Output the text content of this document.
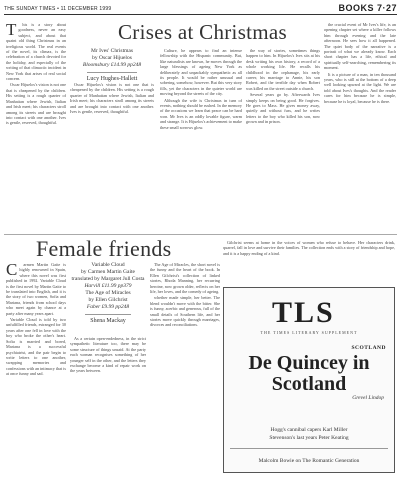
THE SUNDAY TIMES • 11 DECEMBER 1999	BOOKS 7·27
Crises at Christmas
T	his is a story about goodness, never an easy subject, and about that quaint old thing Christmas in an irreligious world. The real events of the novel, its climax, is the celebration of a church devoted for the holiday, and especially of the writing of that climactic incident in New York that arises of real social concern.

Oscar Hijuelos's vision is not one that is cheapened by the children. His setting is a rough quarter of Manhattan where Jewish, Italian and Irish meet; his characters stroll among its streets and are brought into contact with one another. Ives is gentle, reserved, thoughtful.

Mr Ives' Christmas
by Oscar Hijuelos
Bloomsbury £14.99 pp248
Lucy Hughes-Hallett

Oscar Hijuelos's vision is not one that is cheapened by the children. His setting is a rough quarter of Manhattan where Jewish, Italian and Irish meet; his characters stroll among its streets and are brought into contact with one another. Ives is gentle, reserved, thoughtful.

Culture, he appears to find an intense fellowship with the Hispanic community. But, like naturalists are known, he moves through the large blessings of ageing New York as deliberately and unpackably sympathetic as all its people. It would be rather unusual and sobering, somehow, however. But this very story fills, yet the characters in the quieter world are moving beyond the streets of the city.

Although the wife is Christmas in turn of events, nothing should be rushed. In the memory of the occasions we learn that peace can be hard won. Mr Ives is an oddly lovable figure, warm and strange. It is Hijuelos's achievement to make these small sorrows glow.

the way of stories, sometimes things happen to him. In Hijuelos's Ives sits at his desk writing his own history, a record of a whole working life. He recalls his childhood in the orphanage, his early career, his marriage to Annie, his son Robert, and the terrible day when Robert was killed on the street outside a church.

Several years go by. Afterwards Ives simply keeps on being good. He forgives. He goes to Mass. He gives money away, quietly and without fuss, and he writes letters to the boy who killed his son, now grown and in prison.

the crucial event of Mr Ives's life, is an opening chapter set where a killer follows him through evening and the late afternoon. He sees how it all happened. The quiet body of the narrative is a portrait of what we already know. Each short chapter has a life, ethical and spiritually self-searching, remembering its moment.

It is a picture of a man, in ten thousand years, who is still at the bottom of a deep well looking upward at the light. We are told about Ives's thoughts. And the reader cares for him because he is simple, because he is loyal, because he is there.

Female friends
C	armen Martin Gaite is highly renowned in Spain, where this novel was first published in 1992. Variable Cloud is the first novel by Martin Gaite to be translated into English, and it is the story of two women, Sofia and Mariana, friends from school days who meet again by chance at a party after many years apart.

Variable Cloud is told by two unfulfilled friends, estranged for 30 years after one fell in love with the boy who broke the other's heart. Sofia is married and bored, Mariana is a successful psychiatrist, and the pair begin to write letters to one another, swapping memories and confessions with an intimacy that is at once funny and sad.

Variable Cloud
by Carmen Martin Gaite
translated by Margaret Jull Costa
Harvill £11.99 pp379
The Age of Miracles
by Ellen Gilchrist
Faber £9.99 pp248
Shena Mackay

As a certain open-endedness, in the strict sympathetic literature too, there may be some structure of things unsaid. At the party each woman recognises something of her younger self in the other, and the letters they exchange become a kind of repair work on the years between.

The Age of Miracles, the short novel is the funny and the heart of the book. In Ellen Gilchrist's collection of linked stories, Rhoda Manning, her recurring heroine, now grown older, reflects on her life, her loves, and the comedy of ageing.

whether made simple, her better. The blend wouldn't move with the bitter. She is funny, acerbic and generous, full of the small details of Southern life, and her stories move quickly through marriages, divorces and reconciliations.

Gilchrist seems at home in the voices of women who refuse to behave. Her characters drink, quarrel, fall in love and survive their families. The collection ends with a story of friendship and hope, and it is a happy ending of a kind.

TLS
THE TIMES LITERARY SUPPLEMENT
SCOTLAND
De Quincey in
Scotland
Grevel Lindop
Hogg's cannibal capers Karl Miller
Stevenson's last years Peter Keating
Malcolm Bowie on The Romantic Generation
